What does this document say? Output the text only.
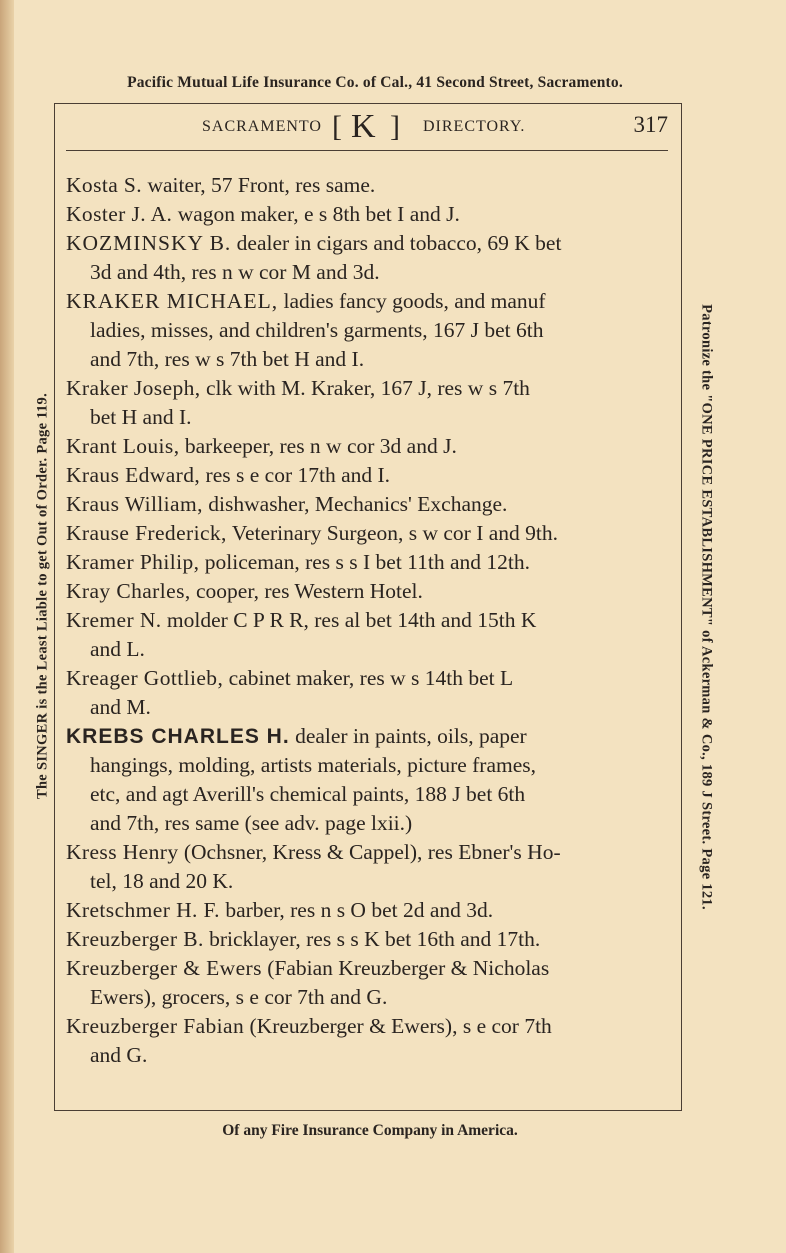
Pacific Mutual Life Insurance Co. of Cal., 41 Second Street, Sacramento.
The SINGER is the Least Liable to get Out of Order. Page 119.	Patronize the "ONE PRICE ESTABLISHMENT" of Ackerman & Co., 189 J Street. Page 121.
SACRAMENTO [ K ] DIRECTORY.	317
Kosta S. waiter, 57 Front, res same.
Koster J. A. wagon maker, e s 8th bet I and J.
KOZMINSKY B. dealer in cigars and tobacco, 69 K bet
3d and 4th, res n w cor M and 3d.
KRAKER MICHAEL, ladies fancy goods, and manuf
ladies, misses, and children's garments, 167 J bet 6th
and 7th, res w s 7th bet H and I.
Kraker Joseph, clk with M. Kraker, 167 J, res w s 7th
bet H and I.
Krant Louis, barkeeper, res n w cor 3d and J.
Kraus Edward, res s e cor 17th and I.
Kraus William, dishwasher, Mechanics' Exchange.
Krause Frederick, Veterinary Surgeon, s w cor I and 9th.
Kramer Philip, policeman, res s s I bet 11th and 12th.
Kray Charles, cooper, res Western Hotel.
Kremer N. molder C P R R, res al bet 14th and 15th K
and L.
Kreager Gottlieb, cabinet maker, res w s 14th bet L
and M.
KREBS CHARLES H. dealer in paints, oils, paper
hangings, molding, artists materials, picture frames,
etc, and agt Averill's chemical paints, 188 J bet 6th
and 7th, res same (see adv. page lxii.)
Kress Henry (Ochsner, Kress & Cappel), res Ebner's Ho-
tel, 18 and 20 K.
Kretschmer H. F. barber, res n s O bet 2d and 3d.
Kreuzberger B. bricklayer, res s s K bet 16th and 17th.
Kreuzberger & Ewers (Fabian Kreuzberger & Nicholas
Ewers), grocers, s e cor 7th and G.
Kreuzberger Fabian (Kreuzberger & Ewers), s e cor 7th
and G.
Of any Fire Insurance Company in America.
